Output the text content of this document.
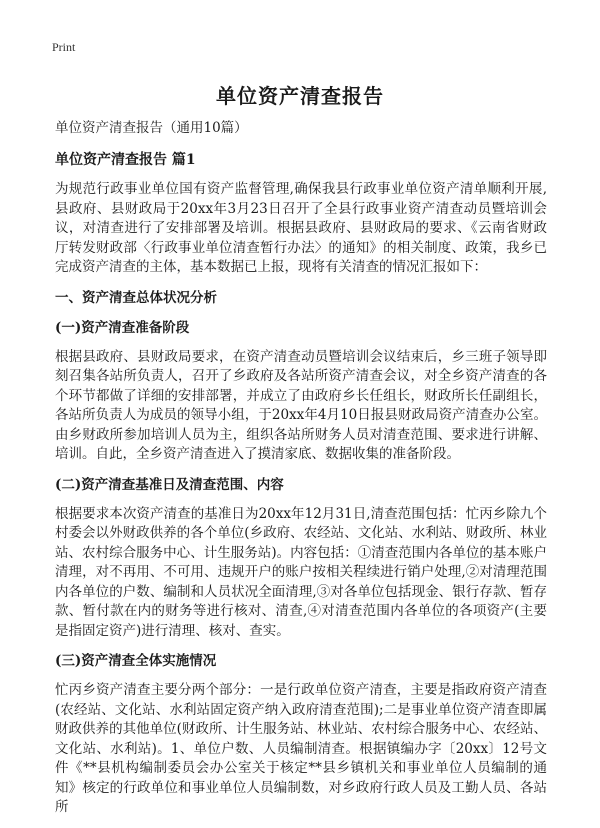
Print
单位资产清查报告

单位资产清查报告（通用10篇）

单位资产清查报告 篇1

为规范行政事业单位国有资产监督管理,确保我县行政事业单位资产清单顺利开展,县政府、县财政局于20xx年3月23日召开了全县行政事业资产清查动员暨培训会议，对清查进行了安排部署及培训。根据县政府、县财政局的要求、《云南省财政厅转发财政部〈行政事业单位清查暂行办法〉的通知》的相关制度、政策，我乡已完成资产清查的主体，基本数据已上报，现将有关清查的情况汇报如下：

一、资产清查总体状况分析

(一)资产清查准备阶段

根据县政府、县财政局要求，在资产清查动员暨培训会议结束后，乡三班子领导即刻召集各站所负责人，召开了乡政府及各站所资产清查会议，对全乡资产清查的各个环节都做了详细的安排部署，并成立了由政府乡长任组长，财政所长任副组长，各站所负责人为成员的领导小组，于20xx年4月10日报县财政局资产清查办公室。由乡财政所参加培训人员为主，组织各站所财务人员对清查范围、要求进行讲解、培训。自此，全乡资产清查进入了摸清家底、数据收集的准备阶段。

(二)资产清查基准日及清查范围、内容

根据要求本次资产清查的基准日为20xx年12月31日,清查范围包括：忙丙乡除九个村委会以外财政供养的各个单位(乡政府、农经站、文化站、水利站、财政所、林业站、农村综合服务中心、计生服务站)。内容包括：①清查范围内各单位的基本账户清理，对不再用、不可用、违规开户的账户按相关程续进行销户处理,②对清理范围内各单位的户数、编制和人员状况全面清理,③对各单位包括现金、银行存款、暂存款、暂付款在内的财务等进行核对、清查,④对清查范围内各单位的各项资产(主要是指固定资产)进行清理、核对、查实。

(三)资产清查全体实施情况

忙丙乡资产清查主要分两个部分：一是行政单位资产清查，主要是指政府资产清查(农经站、文化站、水利站固定资产纳入政府清查范围);二是事业单位资产清查即属财政供养的其他单位(财政所、计生服务站、林业站、农村综合服务中心、农经站、文化站、水利站)。1、单位户数、人员编制清查。根据镇编办字〔20xx〕12号文件《**县机构编制委员会办公室关于核定**县乡镇机关和事业单位人员编制的通知》核定的行政单位和事业单位人员编制数，对乡政府行政人员及工勤人员、各站所
